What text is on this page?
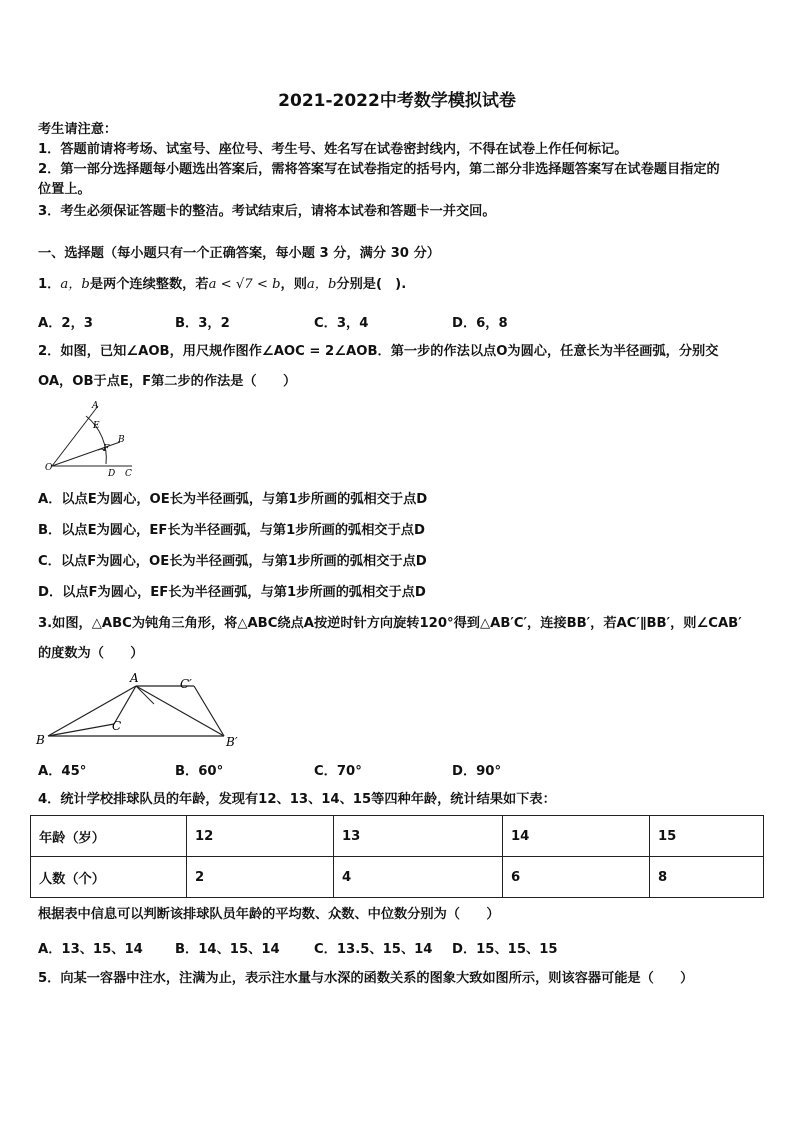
2021-2022中考数学模拟试卷
考生请注意：
1．答题前请将考场、试室号、座位号、考生号、姓名写在试卷密封线内，不得在试卷上作任何标记。
2．第一部分选择题每小题选出答案后，需将答案写在试卷指定的括号内，第二部分非选择题答案写在试卷题目指定的
位置上。
3．考生必须保证答题卡的整洁。考试结束后，请将本试卷和答题卡一并交回。
一、选择题（每小题只有一个正确答案，每小题 3 分，满分 30 分）
1．a，b是两个连续整数，若a < √7 < b，则a，b分别是(　).
A．2，3	B．3，2	C．3，4	D．6，8
2．如图，已知∠AOB，用尺规作图作∠AOC = 2∠AOB．第一步的作法以点O为圆心，任意长为半径画弧，分别交
OA，OB于点E，F第二步的作法是（　　）
A
E
B
F
O
D C
A．以点E为圆心，OE长为半径画弧，与第1步所画的弧相交于点D
B．以点E为圆心，EF长为半径画弧，与第1步所画的弧相交于点D
C．以点F为圆心，OE长为半径画弧，与第1步所画的弧相交于点D
D．以点F为圆心，EF长为半径画弧，与第1步所画的弧相交于点D
3.如图，△ABC为钝角三角形，将△ABC绕点A按逆时针方向旋转120°得到△AB′C′，连接BB′，若AC′∥BB′，则∠CAB′
的度数为（　　）
A	C′
C
B	B′
A．45°	B．60°	C．70°	D．90°
4．统计学校排球队员的年龄，发现有12、13、14、15等四种年龄，统计结果如下表：
年龄（岁）	12	13	14	15
人数（个）	2	4	6	8
根据表中信息可以判断该排球队员年龄的平均数、众数、中位数分别为（　　）
A．13、15、14 B．14、15、14	C．13.5、15、14 D．15、15、15
5．向某一容器中注水，注满为止，表示注水量与水深的函数关系的图象大致如图所示，则该容器可能是（　　）
